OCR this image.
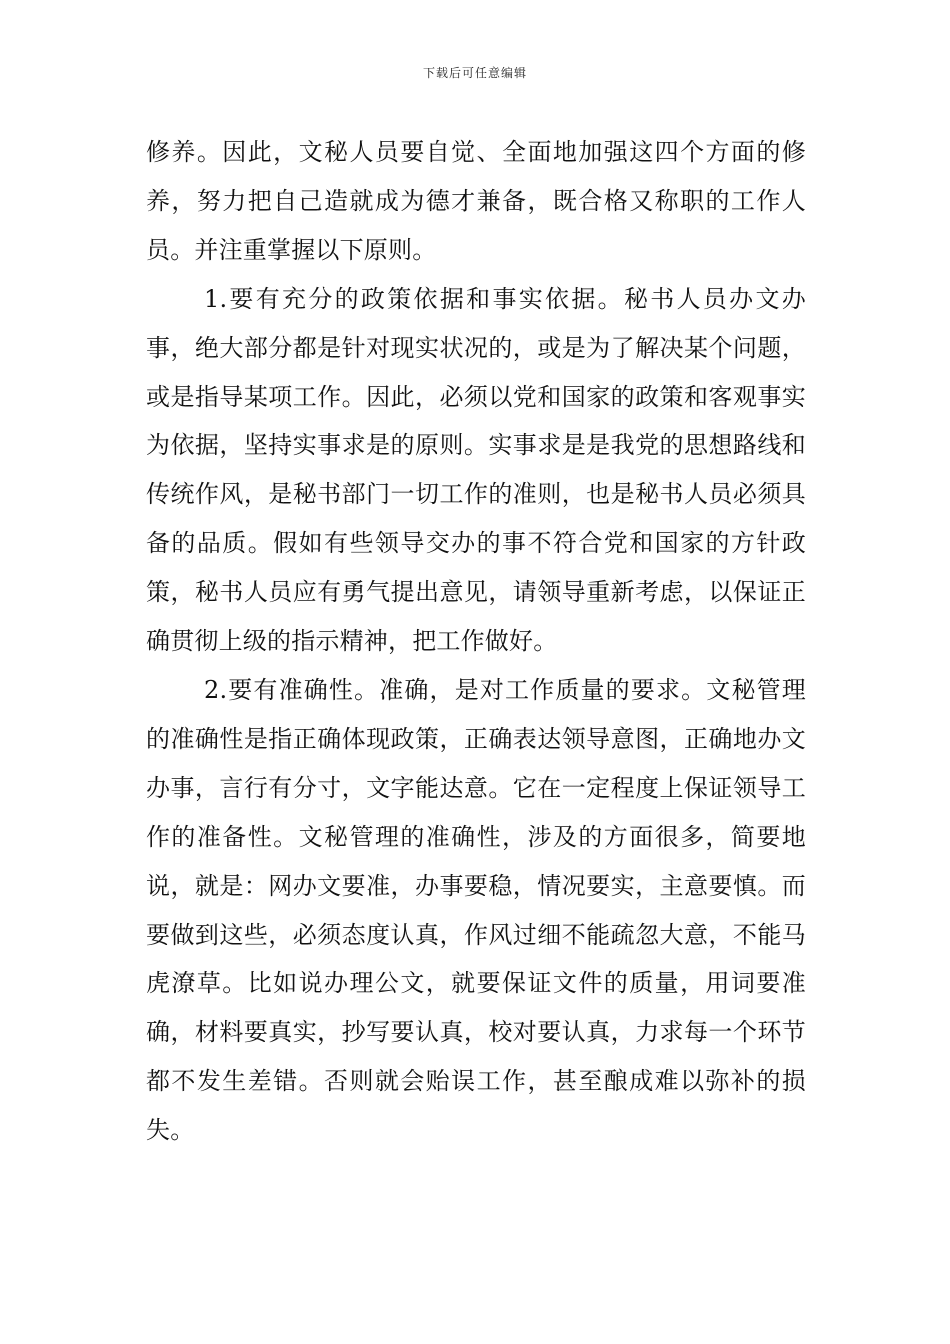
下载后可任意编辑

修养。因此，文秘人员要自觉、全面地加强这四个方面的修养，努力把自己造就成为德才兼备，既合格又称职的工作人员。并注重掌握以下原则。

1.要有充分的政策依据和事实依据。秘书人员办文办事，绝大部分都是针对现实状况的，或是为了解决某个问题，或是指导某项工作。因此，必须以党和国家的政策和客观事实为依据，坚持实事求是的原则。实事求是是我党的思想路线和传统作风，是秘书部门一切工作的准则，也是秘书人员必须具备的品质。假如有些领导交办的事不符合党和国家的方针政策，秘书人员应有勇气提出意见，请领导重新考虑，以保证正确贯彻上级的指示精神，把工作做好。

2.要有准确性。准确，是对工作质量的要求。文秘管理的准确性是指正确体现政策，正确表达领导意图，正确地办文办事，言行有分寸，文字能达意。它在一定程度上保证领导工作的准备性。文秘管理的准确性，涉及的方面很多，简要地说，就是：网办文要准，办事要稳，情况要实，主意要慎。而要做到这些，必须态度认真，作风过细不能疏忽大意，不能马虎潦草。比如说办理公文，就要保证文件的质量，用词要准确，材料要真实，抄写要认真，校对要认真，力求每一个环节都不发生差错。否则就会贻误工作，甚至酿成难以弥补的损失。
